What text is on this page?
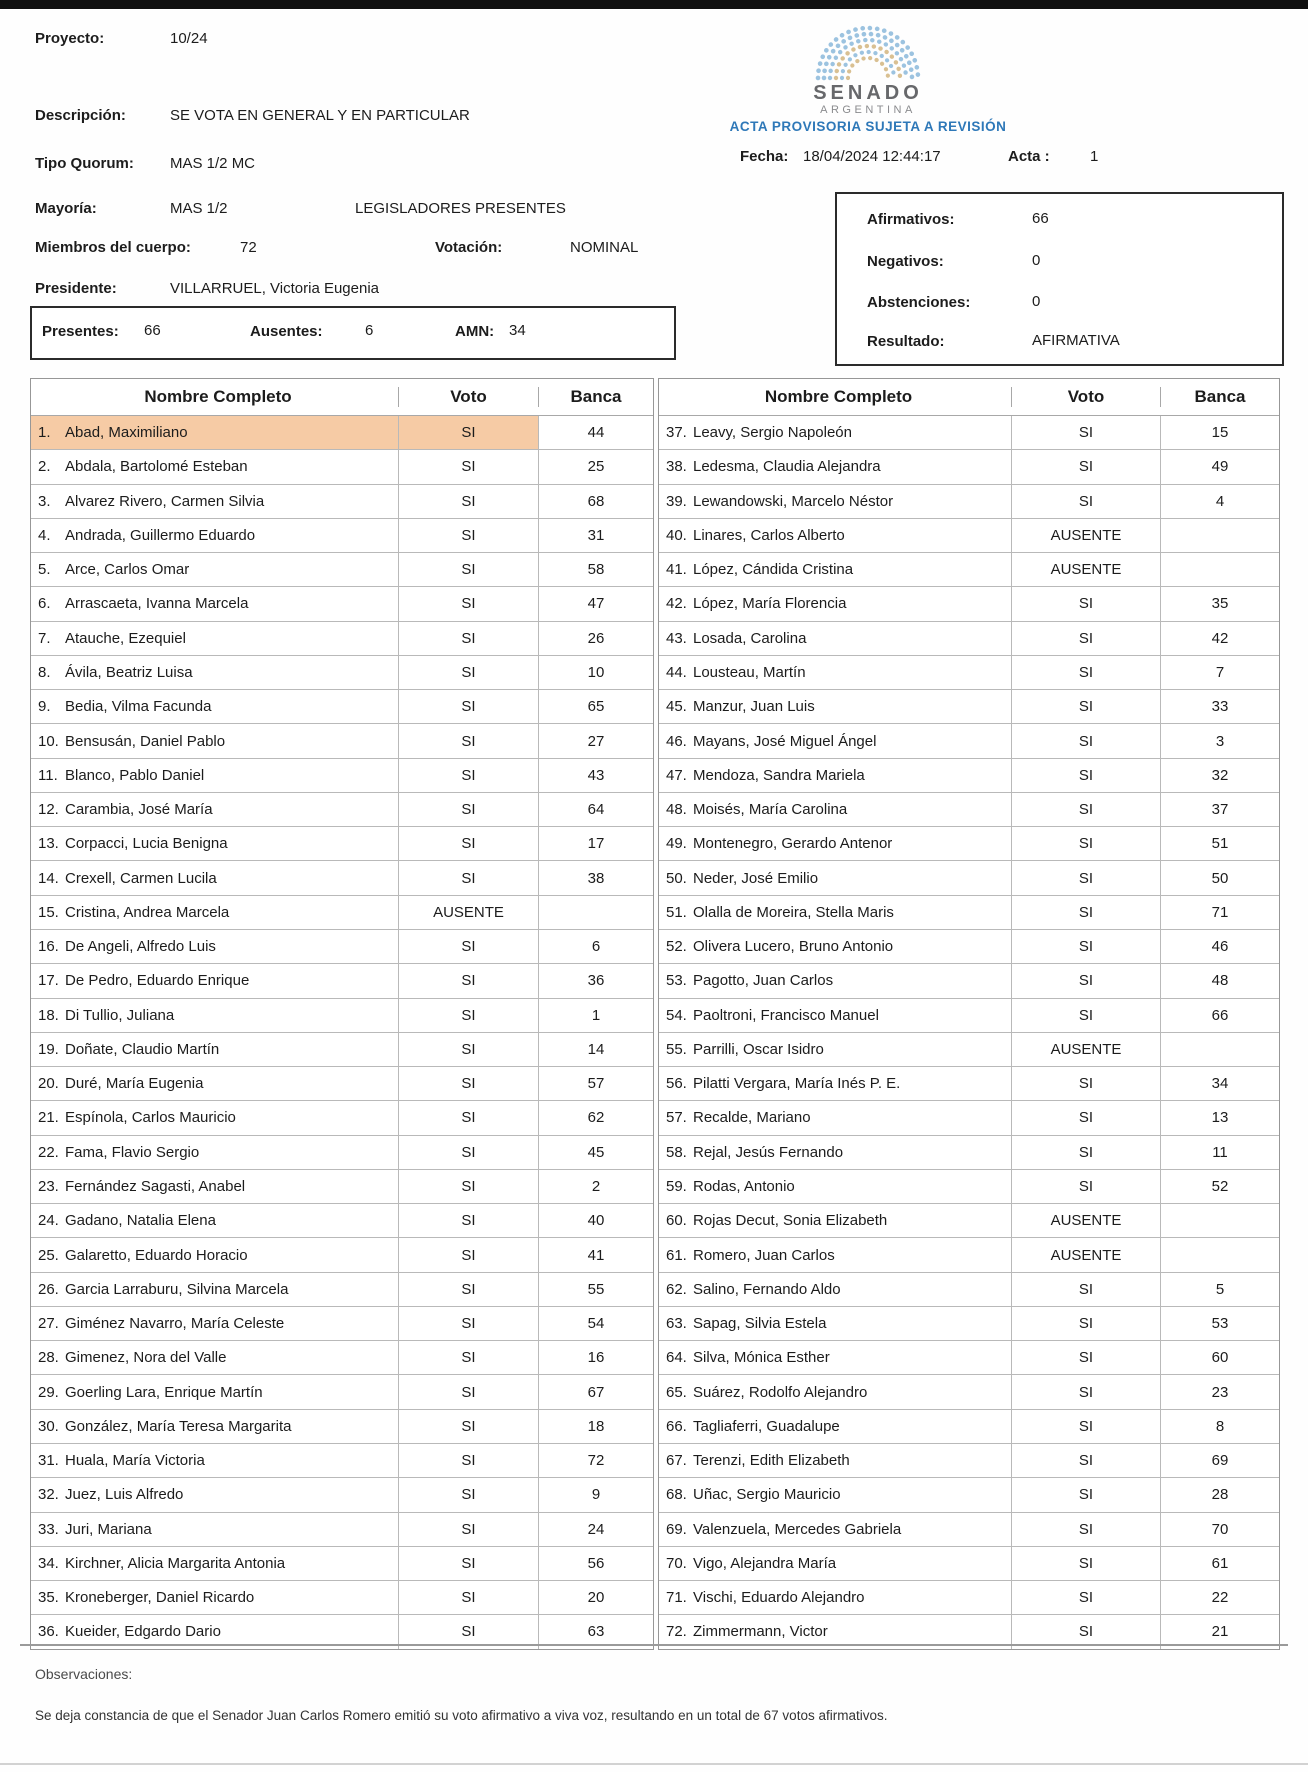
Proyecto:	10/24
Descripción:	SE VOTA EN GENERAL Y EN PARTICULAR
Tipo Quorum: MAS 1/2 MC
Mayoría:	MAS 1/2	LEGISLADORES PRESENTES
Miembros del cuerpo:	72	Votación:	NOMINAL
Presidente:	VILLARRUEL, Victoria Eugenia
Presentes: 66	Ausentes:	6	AMN: 34
SENADO
ARGENTINA
ACTA PROVISORIA SUJETA A REVISIÓN
Fecha: 18/04/2024 12:44:17	Acta :	1
Afirmativos:	66
Negativos:	0
Abstenciones:	0
Resultado:	AFIRMATIVA
Nombre Completo	Voto	Banca
1. Abad, Maximiliano	SI	44
2. Abdala, Bartolomé Esteban	SI	25
3. Alvarez Rivero, Carmen Silvia	SI	68
4. Andrada, Guillermo Eduardo	SI	31
5. Arce, Carlos Omar	SI	58
6. Arrascaeta, Ivanna Marcela	SI	47
7. Atauche, Ezequiel	SI	26
8. Ávila, Beatriz Luisa	SI	10
9. Bedia, Vilma Facunda	SI	65
10. Bensusán, Daniel Pablo	SI	27
11. Blanco, Pablo Daniel	SI	43
12. Carambia, José María	SI	64
13. Corpacci, Lucia Benigna	SI	17
14. Crexell, Carmen Lucila	SI	38
15. Cristina, Andrea Marcela	AUSENTE
16. De Angeli, Alfredo Luis	SI	6
17. De Pedro, Eduardo Enrique	SI	36
18. Di Tullio, Juliana	SI	1
19. Doñate, Claudio Martín	SI	14
20. Duré, María Eugenia	SI	57
21. Espínola, Carlos Mauricio	SI	62
22. Fama, Flavio Sergio	SI	45
23. Fernández Sagasti, Anabel	SI	2
24. Gadano, Natalia Elena	SI	40
25. Galaretto, Eduardo Horacio	SI	41
26. Garcia Larraburu, Silvina Marcela	SI	55
27. Giménez Navarro, María Celeste	SI	54
28. Gimenez, Nora del Valle	SI	16
29. Goerling Lara, Enrique Martín	SI	67
30. González, María Teresa Margarita	SI	18
31. Huala, María Victoria	SI	72
32. Juez, Luis Alfredo	SI	9
33. Juri, Mariana	SI	24
34. Kirchner, Alicia Margarita Antonia	SI	56
35. Kroneberger, Daniel Ricardo	SI	20
36. Kueider, Edgardo Dario	SI	63
Nombre Completo	Voto	Banca
37. Leavy, Sergio Napoleón	SI	15
38. Ledesma, Claudia Alejandra	SI	49
39. Lewandowski, Marcelo Néstor	SI	4
40. Linares, Carlos Alberto	AUSENTE
41. López, Cándida Cristina	AUSENTE
42. López, María Florencia	SI	35
43. Losada, Carolina	SI	42
44. Lousteau, Martín	SI	7
45. Manzur, Juan Luis	SI	33
46. Mayans, José Miguel Ángel	SI	3
47. Mendoza, Sandra Mariela	SI	32
48. Moisés, María Carolina	SI	37
49. Montenegro, Gerardo Antenor	SI	51
50. Neder, José Emilio	SI	50
51. Olalla de Moreira, Stella Maris	SI	71
52. Olivera Lucero, Bruno Antonio	SI	46
53. Pagotto, Juan Carlos	SI	48
54. Paoltroni, Francisco Manuel	SI	66
55. Parrilli, Oscar Isidro	AUSENTE
56. Pilatti Vergara, María Inés P. E.	SI	34
57. Recalde, Mariano	SI	13
58. Rejal, Jesús Fernando	SI	11
59. Rodas, Antonio	SI	52
60. Rojas Decut, Sonia Elizabeth	AUSENTE
61. Romero, Juan Carlos	AUSENTE
62. Salino, Fernando Aldo	SI	5
63. Sapag, Silvia Estela	SI	53
64. Silva, Mónica Esther	SI	60
65. Suárez, Rodolfo Alejandro	SI	23
66. Tagliaferri, Guadalupe	SI	8
67. Terenzi, Edith Elizabeth	SI	69
68. Uñac, Sergio Mauricio	SI	28
69. Valenzuela, Mercedes Gabriela	SI	70
70. Vigo, Alejandra María	SI	61
71. Vischi, Eduardo Alejandro	SI	22
72. Zimmermann, Victor	SI	21
Observaciones:
Se deja constancia de que el Senador Juan Carlos Romero emitió su voto afirmativo a viva voz, resultando en un total de 67 votos afirmativos.
